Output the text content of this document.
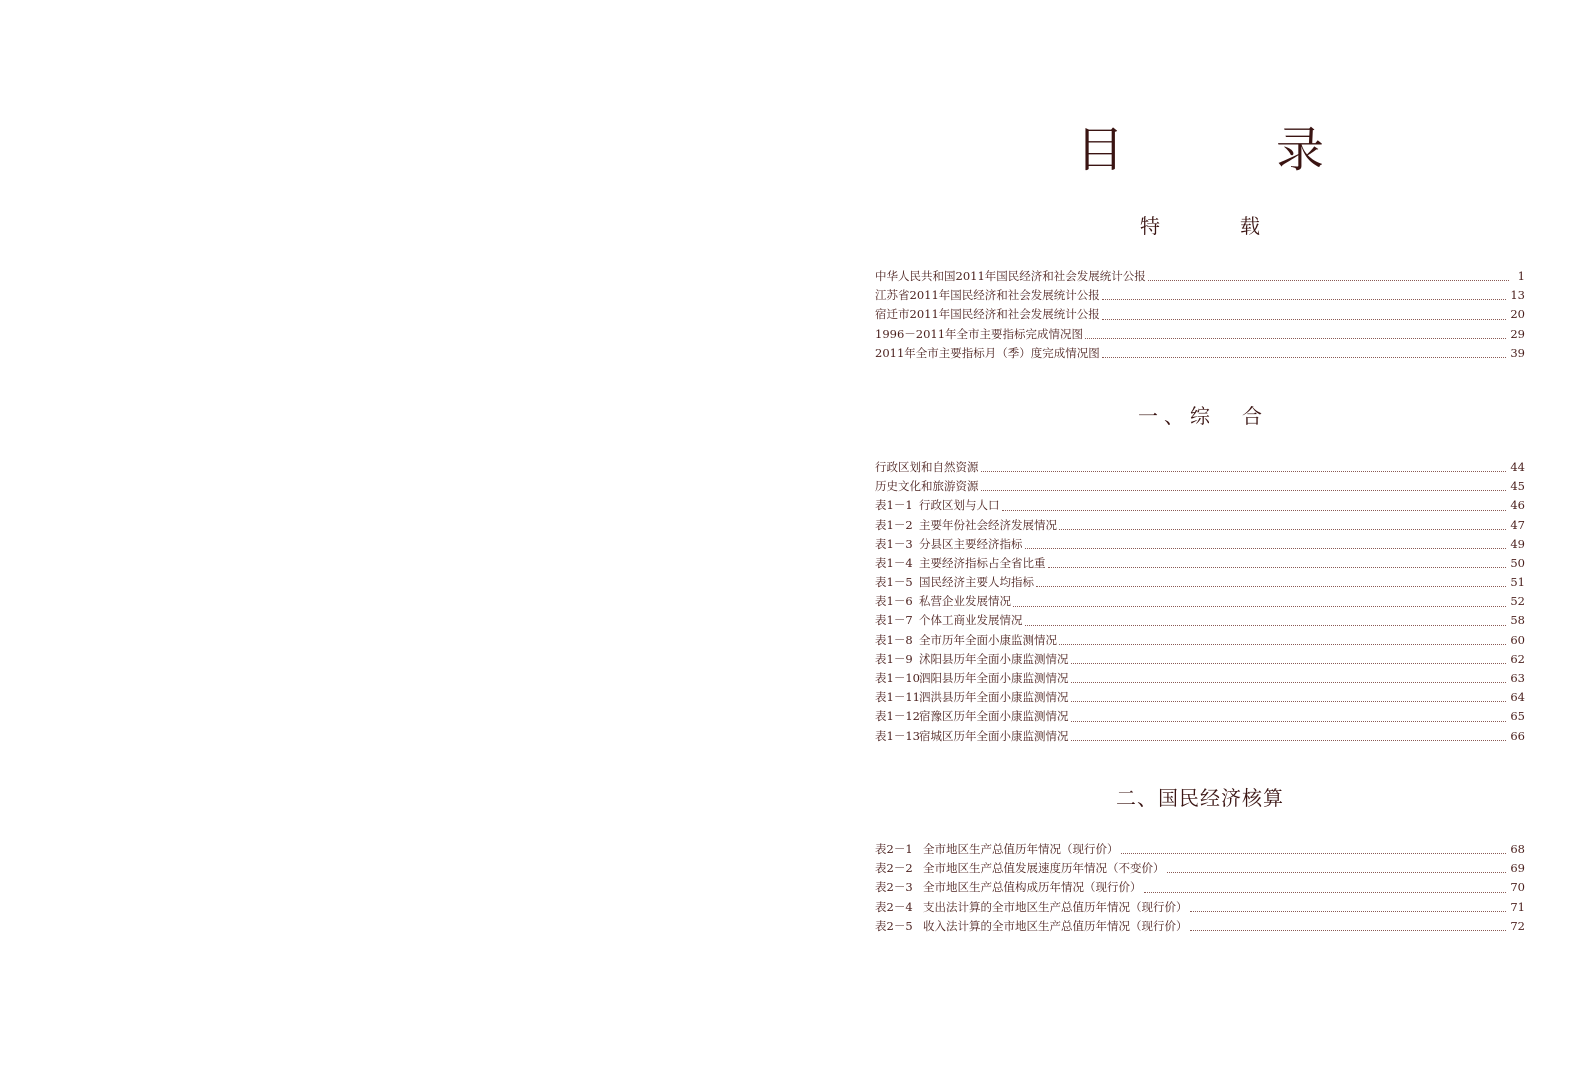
目　录
特　载
中华人民共和国2011年国民经济和社会发展统计公报	1
江苏省2011年国民经济和社会发展统计公报	13
宿迁市2011年国民经济和社会发展统计公报	20
1996－2011年全市主要指标完成情况图	29
2011年全市主要指标月（季）度完成情况图	39
一、综　合
行政区划和自然资源	44
历史文化和旅游资源	45
表1－1 行政区划与人口	46
表1－2 主要年份社会经济发展情况	47
表1－3 分县区主要经济指标	49
表1－4 主要经济指标占全省比重	50
表1－5 国民经济主要人均指标	51
表1－6 私营企业发展情况	52
表1－7 个体工商业发展情况	58
表1－8 全市历年全面小康监测情况	60
表1－9 沭阳县历年全面小康监测情况	62
表1－10 泗阳县历年全面小康监测情况	63
表1－11 泗洪县历年全面小康监测情况	64
表1－12 宿豫区历年全面小康监测情况	65
表1－13 宿城区历年全面小康监测情况	66
二、国民经济核算
表2－1 全市地区生产总值历年情况（现行价）	68
表2－2 全市地区生产总值发展速度历年情况（不变价）	69
表2－3 全市地区生产总值构成历年情况（现行价）	70
表2－4 支出法计算的全市地区生产总值历年情况（现行价）	71
表2－5 收入法计算的全市地区生产总值历年情况（现行价）	72
